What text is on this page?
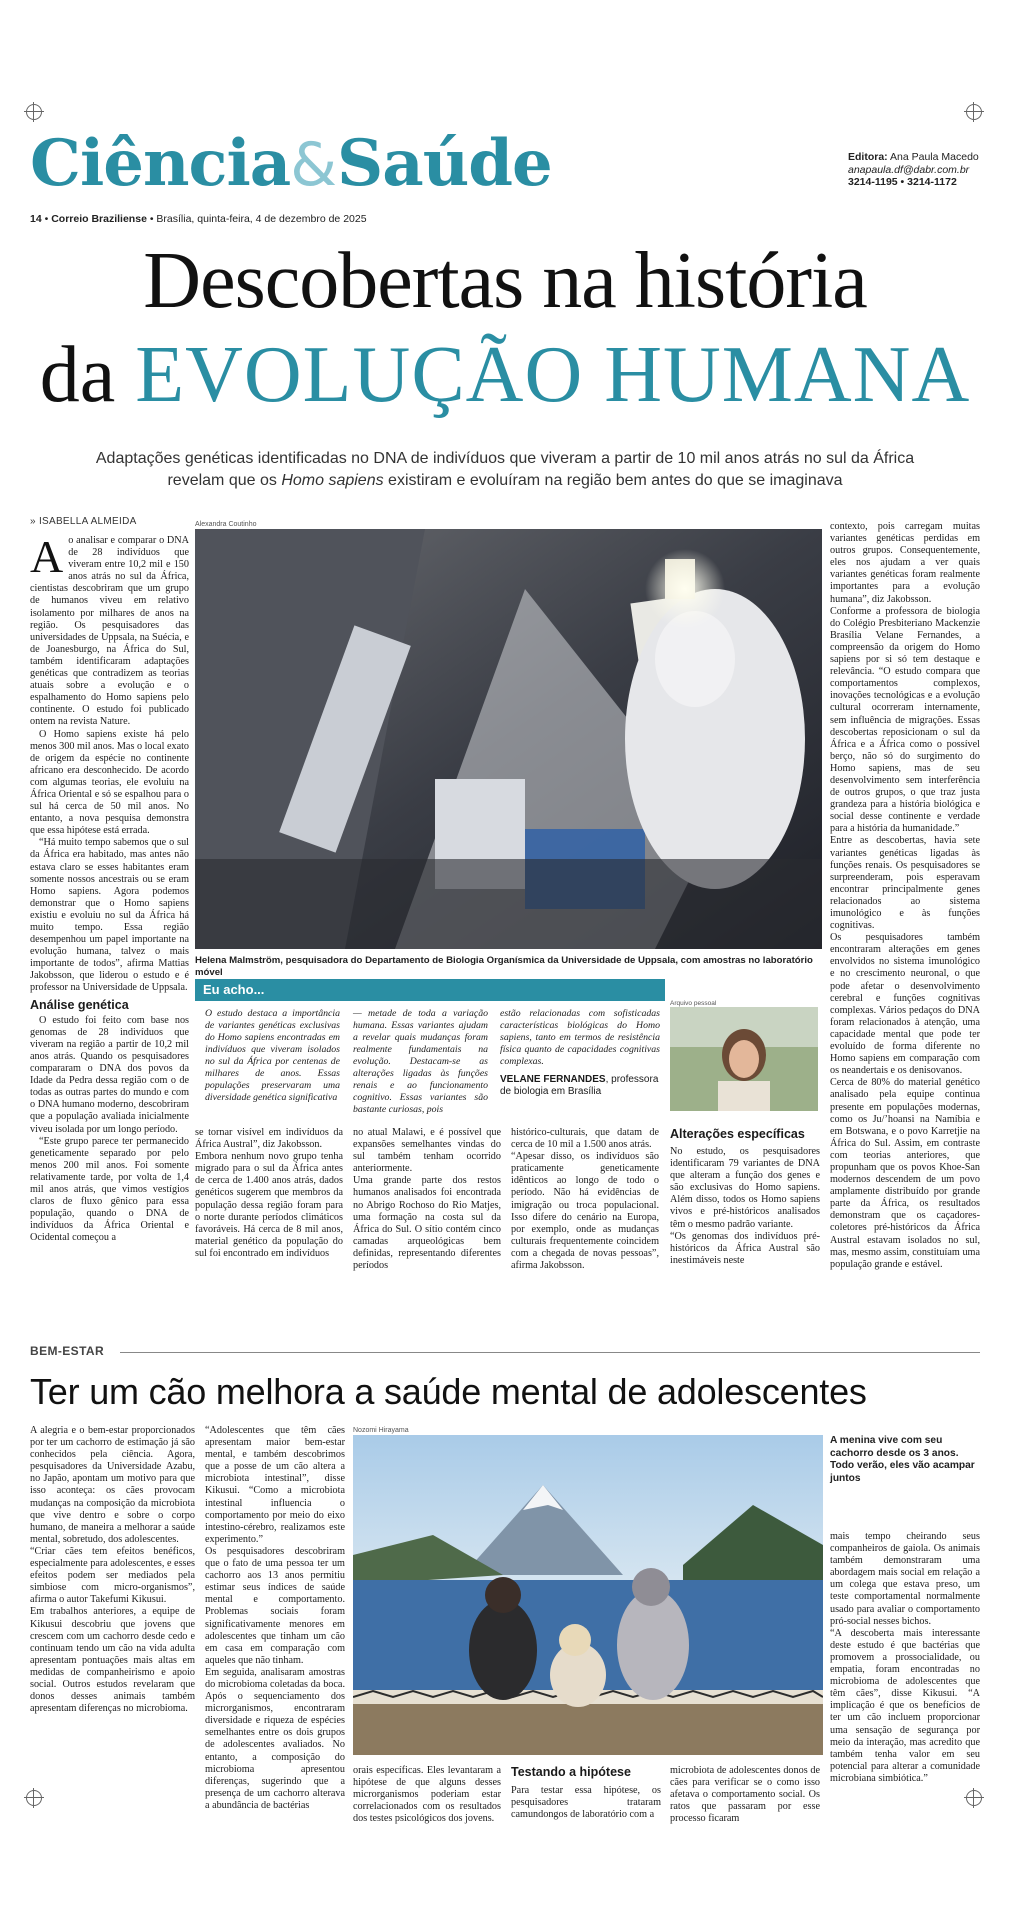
Ciência&Saúde	Editora: Ana Paula Macedo
anapaula.df@dabr.com.br
3214-1195 • 3214-1172
14 • Correio Braziliense • Brasília, quinta-feira, 4 de dezembro de 2025
Descobertas na história
da EVOLUÇÃO HUMANA
Adaptações genéticas identificadas no DNA de indivíduos que viveram a partir de 10 mil anos atrás no sul da África
revelam que os Homo sapiens existiram e evoluíram na região bem antes do que se imaginava
» ISABELLA ALMEIDA
A o analisar e comparar o DNA de 28 indivíduos que viveram entre 10,2 mil e 150 anos atrás no sul da África, cientistas descobriram que um grupo de humanos viveu em relativo isolamento por milhares de anos na região. Os pesquisadores das universidades de Uppsala, na Suécia, e de Joanesburgo, na África do Sul, também identificaram adaptações genéticas que contradizem as teorias atuais sobre a evolução e o espalhamento do Homo sapiens pelo continente. O estudo foi publicado ontem na revista Nature.

O Homo sapiens existe há pelo menos 300 mil anos. Mas o local exato de origem da espécie no continente africano era desconhecido. De acordo com algumas teorias, ele evoluiu na África Oriental e só se espalhou para o sul há cerca de 50 mil anos. No entanto, a nova pesquisa demonstra que essa hipótese está errada.

“Há muito tempo sabemos que o sul da África era habitado, mas antes não estava claro se esses habitantes eram somente nossos ancestrais ou se eram Homo sapiens. Agora podemos demonstrar que o Homo sapiens existiu e evoluiu no sul da África há muito tempo. Essa região desempenhou um papel importante na evolução humana, talvez o mais importante de todos”, afirma Mattias Jakobsson, que liderou o estudo e é professor na Universidade de Uppsala.

Análise genética

O estudo foi feito com base nos genomas de 28 indivíduos que viveram na região a partir de 10,2 mil anos atrás. Quando os pesquisadores compararam o DNA dos povos da Idade da Pedra dessa região com o de todas as outras partes do mundo e com o DNA humano moderno, descobriram que a população avaliada inicialmente viveu isolada por um longo período.

“Este grupo parece ter permanecido geneticamente separado por pelo menos 200 mil anos. Foi somente relativamente tarde, por volta de 1,4 mil anos atrás, que vimos vestígios claros de fluxo gênico para essa população, quando o DNA de indivíduos da África Oriental e Ocidental começou a

Alexandra Coutinho
Helena Malmström, pesquisadora do Departamento de Biologia Organísmica da Universidade de Uppsala, com amostras no laboratório móvel
Eu acho...
O estudo destaca a importância de variantes genéticas exclusivas do Homo sapiens encontradas em indivíduos que viveram isolados no sul da África por centenas de milhares de anos. Essas populações preservaram uma diversidade genética significativa
— metade de toda a variação humana. Essas variantes ajudam a revelar quais mudanças foram realmente fundamentais na evolução. Destacam-se as alterações ligadas às funções renais e ao funcionamento cognitivo. Essas variantes são bastante curiosas, pois
estão relacionadas com sofisticadas características biológicas do Homo sapiens, tanto em termos de resistência física quanto de capacidades cognitivas complexas.
VELANE FERNANDES, professora de biologia em Brasília
Arquivo pessoal
se tornar visível em indivíduos da África Austral”, diz Jakobsson.
Embora nenhum novo grupo tenha migrado para o sul da África antes de cerca de 1.400 anos atrás, dados genéticos sugerem que membros da população dessa região foram para o norte durante períodos climáticos favoráveis. Há cerca de 8 mil anos, material genético da população do sul foi encontrado em indivíduos
no atual Malawi, e é possível que expansões semelhantes vindas do sul também tenham ocorrido anteriormente.
Uma grande parte dos restos humanos analisados foi encontrada no Abrigo Rochoso do Rio Matjes, uma formação na costa sul da África do Sul. O sítio contém cinco camadas arqueológicas bem definidas, representando diferentes períodos
histórico-culturais, que datam de cerca de 10 mil a 1.500 anos atrás.
“Apesar disso, os indivíduos são praticamente geneticamente idênticos ao longo de todo o período. Não há evidências de imigração ou troca populacional. Isso difere do cenário na Europa, por exemplo, onde as mudanças culturais frequentemente coincidem com a chegada de novas pessoas”, afirma Jakobsson.
Alterações específicas
No estudo, os pesquisadores identificaram 79 variantes de DNA que alteram a função dos genes e são exclusivas do Homo sapiens. Além disso, todos os Homo sapiens vivos e pré-históricos analisados têm o mesmo padrão variante.
“Os genomas dos indivíduos pré-históricos da África Austral são inestimáveis neste
contexto, pois carregam muitas variantes genéticas perdidas em outros grupos. Consequentemente, eles nos ajudam a ver quais variantes genéticas foram realmente importantes para a evolução humana”, diz Jakobsson.
Conforme a professora de biologia do Colégio Presbiteriano Mackenzie Brasília Velane Fernandes, a compreensão da origem do Homo sapiens por si só tem destaque e relevância. “O estudo compara que comportamentos complexos, inovações tecnológicas e a evolução cultural ocorreram internamente, sem influência de migrações. Essas descobertas reposicionam o sul da África e a África como o possível berço, não só do surgimento do Homo sapiens, mas de seu desenvolvimento sem interferência de outros grupos, o que traz justa grandeza para a história biológica e social desse continente e verdade para a história da humanidade.”
Entre as descobertas, havia sete variantes genéticas ligadas às funções renais. Os pesquisadores se surpreenderam, pois esperavam encontrar principalmente genes relacionados ao sistema imunológico e às funções cognitivas.
Os pesquisadores também encontraram alterações em genes envolvidos no sistema imunológico e no crescimento neuronal, o que pode afetar o desenvolvimento cerebral e funções cognitivas complexas. Vários pedaços do DNA foram relacionados à atenção, uma capacidade mental que pode ter evoluído de forma diferente no Homo sapiens em comparação com os neandertais e os denisovanos.
Cerca de 80% do material genético analisado pela equipe continua presente em populações modernas, como os Ju/’hoansi na Namíbia e em Botswana, e o povo Karretjie na África do Sul. Assim, em contraste com teorias anteriores, que propunham que os povos Khoe-San modernos descendem de um povo amplamente distribuído por grande parte da África, os resultados demonstram que os caçadores-coletores pré-históricos da África Austral estavam isolados no sul, mas, mesmo assim, constituíam uma população grande e estável.
BEM-ESTAR
Ter um cão melhora a saúde mental de adolescentes
A alegria e o bem-estar proporcionados por ter um cachorro de estimação já são conhecidos pela ciência. Agora, pesquisadores da Universidade Azabu, no Japão, apontam um motivo para que isso aconteça: os cães provocam mudanças na composição da microbiota que vive dentro e sobre o corpo humano, de maneira a melhorar a saúde mental, sobretudo, dos adolescentes.
“Criar cães tem efeitos benéficos, especialmente para adolescentes, e esses efeitos podem ser mediados pela simbiose com micro-organismos”, afirma o autor Takefumi Kikusui.
Em trabalhos anteriores, a equipe de Kikusui descobriu que jovens que crescem com um cachorro desde cedo e continuam tendo um cão na vida adulta apresentam pontuações mais altas em medidas de companheirismo e apoio social. Outros estudos revelaram que donos desses animais também apresentam diferenças no microbioma.
“Adolescentes que têm cães apresentam maior bem-estar mental, e também descobrimos que a posse de um cão altera a microbiota intestinal”, disse Kikusui. “Como a microbiota intestinal influencia o comportamento por meio do eixo intestino-cérebro, realizamos este experimento.”
Os pesquisadores descobriram que o fato de uma pessoa ter um cachorro aos 13 anos permitiu estimar seus índices de saúde mental e comportamento. Problemas sociais foram significativamente menores em adolescentes que tinham um cão em casa em comparação com aqueles que não tinham.
Em seguida, analisaram amostras do microbioma coletadas da boca. Após o sequenciamento dos microrganismos, encontraram diversidade e riqueza de espécies semelhantes entre os dois grupos de adolescentes avaliados. No entanto, a composição do microbioma apresentou diferenças, sugerindo que a presença de um cachorro alterava a abundância de bactérias
Nozomi Hirayama
A menina vive com seu cachorro desde os 3 anos. Todo verão, eles vão acampar juntos
orais específicas. Eles levantaram a hipótese de que alguns desses microrganismos poderiam estar correlacionados com os resultados dos testes psicológicos dos jovens.
Testando a hipótese
Para testar essa hipótese, os pesquisadores trataram camundongos de laboratório com a
microbiota de adolescentes donos de cães para verificar se o como isso afetava o comportamento social. Os ratos que passaram por esse processo ficaram
mais tempo cheirando seus companheiros de gaiola. Os animais também demonstraram uma abordagem mais social em relação a um colega que estava preso, um teste comportamental normalmente usado para avaliar o comportamento pró-social nesses bichos.
“A descoberta mais interessante deste estudo é que bactérias que promovem a prossocialidade, ou empatia, foram encontradas no microbioma de adolescentes que têm cães”, disse Kikusui. “A implicação é que os benefícios de ter um cão incluem proporcionar uma sensação de segurança por meio da interação, mas acredito que também tenha valor em seu potencial para alterar a comunidade microbiana simbiótica.”
